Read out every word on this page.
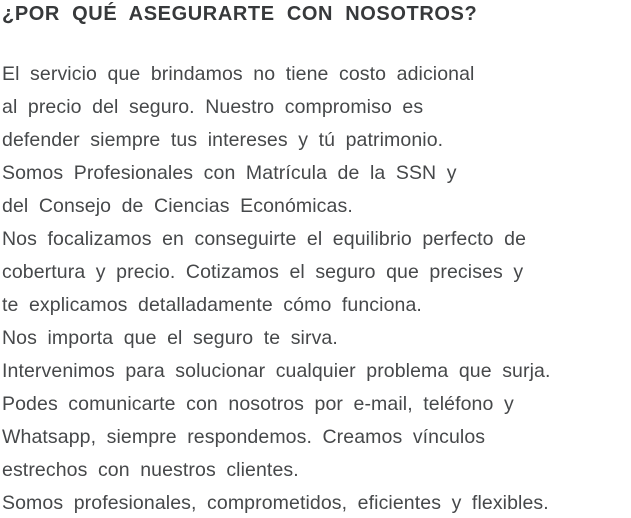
¿POR QUÉ ASEGURARTE CON NOSOTROS?
El servicio que brindamos no tiene costo adicional
al precio del seguro. Nuestro compromiso es
defender siempre tus intereses y tú patrimonio.
Somos Profesionales con Matrícula de la SSN y
del Consejo de Ciencias Económicas.
Nos focalizamos en conseguirte el equilibrio perfecto de
cobertura y precio. Cotizamos el seguro que precises y
te explicamos detalladamente cómo funciona.
Nos importa que el seguro te sirva.
Intervenimos para solucionar cualquier problema que surja.
Podes comunicarte con nosotros por e-mail, teléfono y
Whatsapp, siempre respondemos. Creamos vínculos
estrechos con nuestros clientes.
Somos profesionales, comprometidos, eficientes y flexibles.
